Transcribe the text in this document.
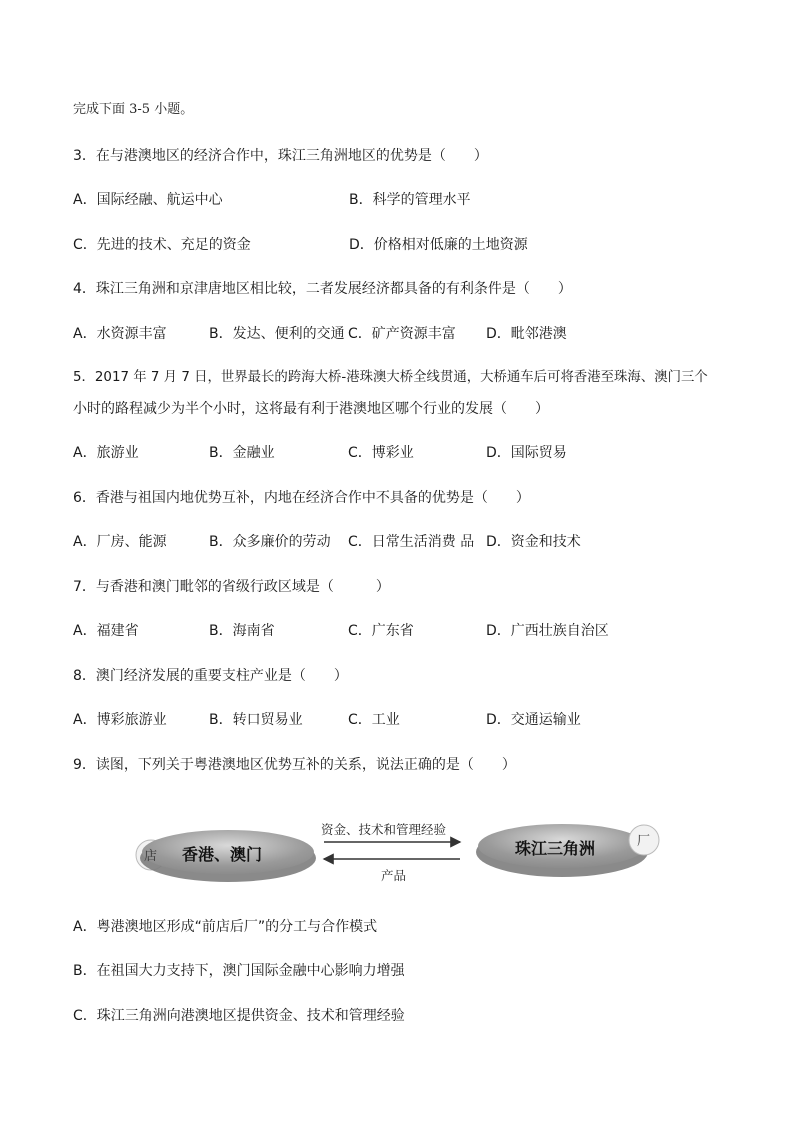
完成下面 3-5 小题。
3．在与港澳地区的经济合作中，珠江三角洲地区的优势是（　　）
A．国际经融、航运中心	B．科学的管理水平
C．先进的技术、充足的资金	D．价格相对低廉的土地资源
4．珠江三角洲和京津唐地区相比较，二者发展经济都具备的有利条件是（　　）
A．水资源丰富	B．发达、便利的交通 C．矿产资源丰富 D．毗邻港澳
5．2017 年 7 月 7 日，世界最长的跨海大桥-港珠澳大桥全线贯通，大桥通车后可将香港至珠海、澳门三个
小时的路程减少为半个小时，这将最有利于港澳地区哪个行业的发展（　　）
A．旅游业	B．金融业	C．博彩业	D．国际贸易
6．香港与祖国内地优势互补，内地在经济合作中不具备的优势是（　　）
A．厂房、能源	B．众多廉价的劳动 C．日常生活消费 品 D．资金和技术
7．与香港和澳门毗邻的省级行政区域是（　　　）
A．福建省	B．海南省	C．广东省	D．广西壮族自治区
8．澳门经济发展的重要支柱产业是（　　）
A．博彩旅游业	B．转口贸易业	C．工业	D．交通运输业
9．读图，下列关于粤港澳地区优势互补的关系，说法正确的是（　　）
店 香港、澳门
资金、技术和管理经验
产品
珠江三角洲	厂
A．粤港澳地区形成“前店后厂”的分工与合作模式
B．在祖国大力支持下，澳门国际金融中心影响力增强
C．珠江三角洲向港澳地区提供资金、技术和管理经验
